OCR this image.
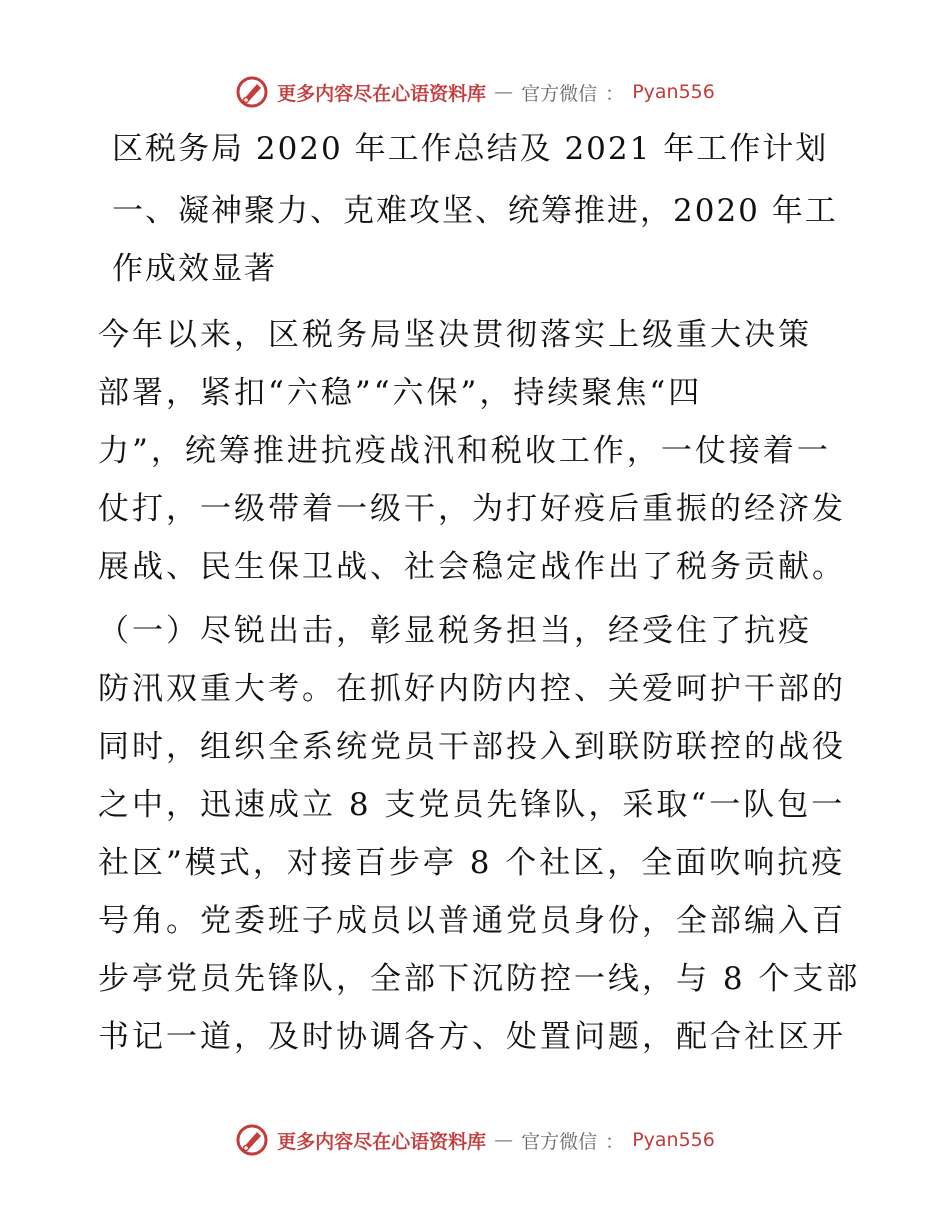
更多内容尽在心语资料库 — 官方微信 ： Pyan556
区税务局 2020 年工作总结及 2021 年工作计划
一、凝神聚力、克难攻坚、统筹推进，2020 年工
作成效显著
今年以来，区税务局坚决贯彻落实上级重大决策
部署，紧扣“六稳”“六保”，持续聚焦“四
力”，统筹推进抗疫战汛和税收工作，一仗接着一
仗打，一级带着一级干，为打好疫后重振的经济发
展战、民生保卫战、社会稳定战作出了税务贡献。
（一）尽锐出击，彰显税务担当，经受住了抗疫
防汛双重大考。在抓好内防内控、关爱呵护干部的
同时，组织全系统党员干部投入到联防联控的战役
之中，迅速成立 8 支党员先锋队，采取“一队包一
社区”模式，对接百步亭 8 个社区，全面吹响抗疫
号角。党委班子成员以普通党员身份，全部编入百
步亭党员先锋队，全部下沉防控一线，与 8 个支部
书记一道，及时协调各方、处置问题，配合社区开
更多内容尽在心语资料库 — 官方微信 ： Pyan556
